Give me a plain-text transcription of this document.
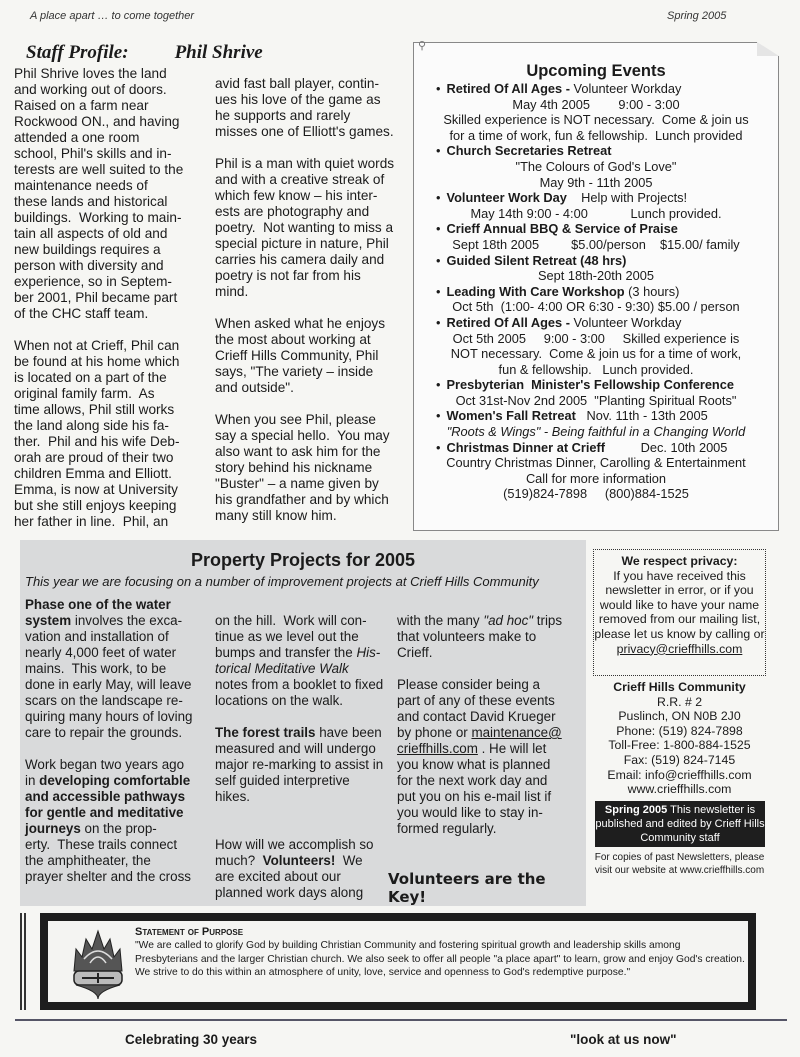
A place apart … to come together	Spring 2005
Staff Profile: Phil Shrive
Phil Shrive loves the land
and working out of doors.
Raised on a farm near
Rockwood ON., and having
attended a one room
school, Phil's skills and in-
terests are well suited to the
maintenance needs of
these lands and historical
buildings.  Working to main-
tain all aspects of old and
new buildings requires a
person with diversity and
experience, so in Septem-
ber 2001, Phil became part
of the CHC staff team.
When not at Crieff, Phil can
be found at his home which
is located on a part of the
original family farm.  As
time allows, Phil still works
the land along side his fa-
ther.  Phil and his wife Deb-
orah are proud of their two
children Emma and Elliott.
Emma, is now at University
but she still enjoys keeping
her father in line.  Phil, an
avid fast ball player, contin-
ues his love of the game as
he supports and rarely
misses one of Elliott's games.
Phil is a man with quiet words
and with a creative streak of
which few know – his inter-
ests are photography and
poetry.  Not wanting to miss a
special picture in nature, Phil
carries his camera daily and
poetry is not far from his
mind.
When asked what he enjoys
the most about working at
Crieff Hills Community, Phil
says, "The variety – inside
and outside".
When you see Phil, please
say a special hello.  You may
also want to ask him for the
story behind his nickname
"Buster" – a name given by
his grandfather and by which
many still know him.
⚲
Upcoming Events
• Retired Of All Ages - Volunteer Workday
May 4th 2005        9:00 - 3:00
Skilled experience is NOT necessary.  Come & join us
for a time of work, fun & fellowship.  Lunch provided
• Church Secretaries Retreat
"The Colours of God's Love"
May 9th - 11th 2005
• Volunteer Work Day    Help with Projects!
May 14th 9:00 - 4:00            Lunch provided.
• Crieff Annual BBQ & Service of Praise
Sept 18th 2005         $5.00/person    $15.00/ family
• Guided Silent Retreat (48 hrs)
Sept 18th-20th 2005
• Leading With Care Workshop (3 hours)
Oct 5th  (1:00- 4:00 OR 6:30 - 9:30) $5.00 / person
• Retired Of All Ages - Volunteer Workday
Oct 5th 2005     9:00 - 3:00     Skilled experience is
NOT necessary.  Come & join us for a time of work,
fun & fellowship.   Lunch provided.
• Presbyterian  Minister's Fellowship Conference
Oct 31st-Nov 2nd 2005  "Planting Spiritual Roots"
• Women's Fall Retreat   Nov. 11th - 13th 2005
"Roots & Wings" - Being faithful in a Changing World
• Christmas Dinner at Crieff          Dec. 10th 2005
Country Christmas Dinner, Carolling & Entertainment
Call for more information
(519)824-7898     (800)884-1525
Property Projects for 2005
This year we are focusing on a number of improvement projects at Crieff Hills Community
Phase one of the water
system involves the exca-
vation and installation of
nearly 4,000 feet of water
mains.  This work, to be
done in early May, will leave
scars on the landscape re-
quiring many hours of loving
care to repair the grounds.
Work began two years ago
in developing comfortable
and accessible pathways
for gentle and meditative
journeys on the prop-
erty.  These trails connect
the amphitheater, the
prayer shelter and the cross
on the hill.  Work will con-
tinue as we level out the
bumps and transfer the His-
torical Meditative Walk
notes from a booklet to fixed
locations on the walk.
The forest trails have been
measured and will undergo
major re-marking to assist in
self guided interpretive
hikes.
How will we accomplish so
much?  Volunteers!  We
are excited about our
planned work days along
with the many "ad hoc" trips
that volunteers make to
Crieff.
Please consider being a
part of any of these events
and contact David Krueger
by phone or maintenance@
crieffhills.com . He will let
you know what is planned
for the next work day and
put you on his e-mail list if
you would like to stay in-
formed regularly.
Volunteers are the Key!
We respect privacy:
If you have received this newsletter in error, or if you would like to have your name removed from our mailing list, please let us know by calling or
privacy@crieffhills.com
Crieff Hills Community
R.R. # 2
Puslinch, ON N0B 2J0
Phone: (519) 824-7898
Toll-Free: 1-800-884-1525
Fax: (519) 824-7145
Email: info@crieffhills.com
www.crieffhills.com
Spring 2005 This newsletter is published and edited by Crieff Hills Community staff
For copies of past Newsletters, please visit our website at www.crieffhills.com
Statement of Purpose
"We are called to glorify God by building Christian Community and fostering spiritual growth and leadership skills among Presbyterians and the larger Christian church. We also seek to offer all people "a place apart" to learn, grow and enjoy God's creation. We strive to do this within an atmosphere of unity, love, service and openness to God's redemptive purpose."
Celebrating 30 years	"look at us now"
